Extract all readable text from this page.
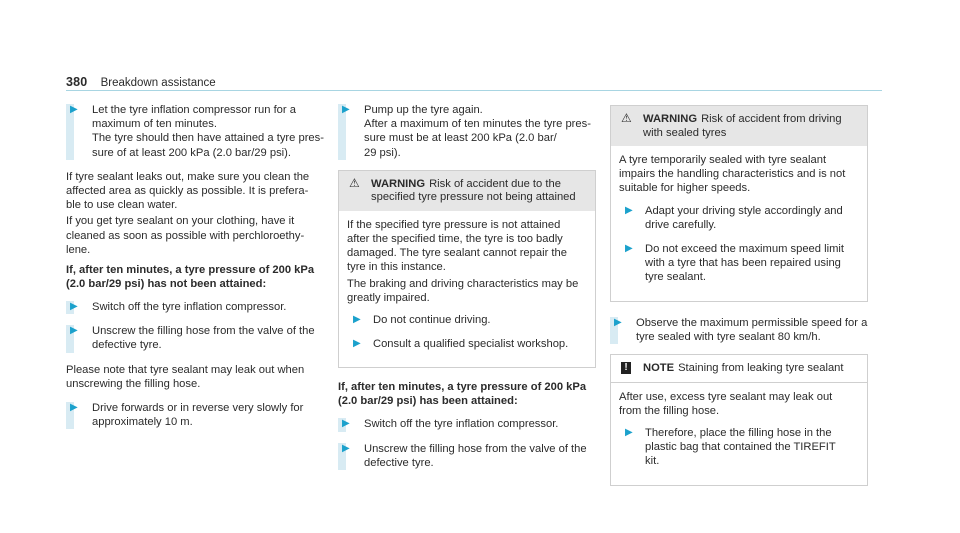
380 Breakdown assistance
▶ Let the tyre inflation compressor run for a
maximum of ten minutes.
The tyre should then have attained a tyre pres-
sure of at least 200 kPa (2.0 bar/29 psi).

If tyre sealant leaks out, make sure you clean the
affected area as quickly as possible. It is prefera-
ble to use clean water.

If you get tyre sealant on your clothing, have it
cleaned as soon as possible with perchloroethy-
lene.

If, after ten minutes, a tyre pressure of 200 kPa
(2.0 bar/29 psi) has not been attained:
▶ Switch off the tyre inflation compressor.

▶ Unscrew the filling hose from the valve of the
defective tyre.

Please note that tyre sealant may leak out when
unscrewing the filling hose.

▶ Drive forwards or in reverse very slowly for
approximately 10 m.

▶ Pump up the tyre again.
After a maximum of ten minutes the tyre pres-
sure must be at least 200 kPa (2.0 bar/
29 psi).

⚠ WARNING Risk of accident due to the
specified tyre pressure not being attained

If the specified tyre pressure is not attained
after the specified time, the tyre is too badly
damaged. The tyre sealant cannot repair the
tyre in this instance.

The braking and driving characteristics may be
greatly impaired.

▶ Do not continue driving.

▶ Consult a qualified specialist workshop.

If, after ten minutes, a tyre pressure of 200 kPa
(2.0 bar/29 psi) has been attained:
▶ Switch off the tyre inflation compressor.

▶ Unscrew the filling hose from the valve of the
defective tyre.

⚠ WARNING Risk of accident from driving
with sealed tyres

A tyre temporarily sealed with tyre sealant
impairs the handling characteristics and is not
suitable for higher speeds.

▶ Adapt your driving style accordingly and
drive carefully.

▶ Do not exceed the maximum speed limit
with a tyre that has been repaired using
tyre sealant.

▶ Observe the maximum permissible speed for a
tyre sealed with tyre sealant 80 km/h.

! NOTE Staining from leaking tyre sealant

After use, excess tyre sealant may leak out
from the filling hose.

▶ Therefore, place the filling hose in the
plastic bag that contained the TIREFIT
kit.
